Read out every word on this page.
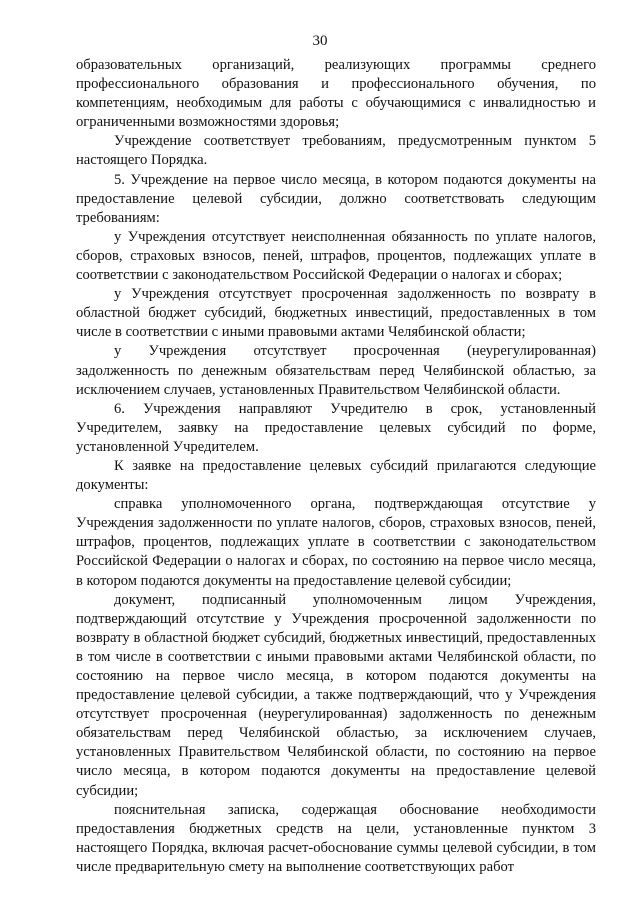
30

образовательных организаций, реализующих программы среднего профессионального образования и профессионального обучения, по компетенциям, необходимым для работы с обучающимися с инвалидностью и ограниченными возможностями здоровья;

Учреждение соответствует требованиям, предусмотренным пунктом 5 настоящего Порядка.

5. Учреждение на первое число месяца, в котором подаются документы на предоставление целевой субсидии, должно соответствовать следующим требованиям:

у Учреждения отсутствует неисполненная обязанность по уплате налогов, сборов, страховых взносов, пеней, штрафов, процентов, подлежащих уплате в соответствии с законодательством Российской Федерации о налогах и сборах;

у Учреждения отсутствует просроченная задолженность по возврату в областной бюджет субсидий, бюджетных инвестиций, предоставленных в том числе в соответствии с иными правовыми актами Челябинской области;

у Учреждения отсутствует просроченная (неурегулированная) задолженность по денежным обязательствам перед Челябинской областью, за исключением случаев, установленных Правительством Челябинской области.

6. Учреждения направляют Учредителю в срок, установленный Учредителем, заявку на предоставление целевых субсидий по форме, установленной Учредителем.

К заявке на предоставление целевых субсидий прилагаются следующие документы:

справка уполномоченного органа, подтверждающая отсутствие у Учреждения задолженности по уплате налогов, сборов, страховых взносов, пеней, штрафов, процентов, подлежащих уплате в соответствии с законодательством Российской Федерации о налогах и сборах, по состоянию на первое число месяца, в котором подаются документы на предоставление целевой субсидии;

документ, подписанный уполномоченным лицом Учреждения, подтверждающий отсутствие у Учреждения просроченной задолженности по возврату в областной бюджет субсидий, бюджетных инвестиций, предоставленных в том числе в соответствии с иными правовыми актами Челябинской области, по состоянию на первое число месяца, в котором подаются документы на предоставление целевой субсидии, а также подтверждающий, что у Учреждения отсутствует просроченная (неурегулированная) задолженность по денежным обязательствам перед Челябинской областью, за исключением случаев, установленных Правительством Челябинской области, по состоянию на первое число месяца, в котором подаются документы на предоставление целевой субсидии;

пояснительная записка, содержащая обоснование необходимости предоставления бюджетных средств на цели, установленные пунктом 3 настоящего Порядка, включая расчет-обоснование суммы целевой субсидии, в том числе предварительную смету на выполнение соответствующих работ
